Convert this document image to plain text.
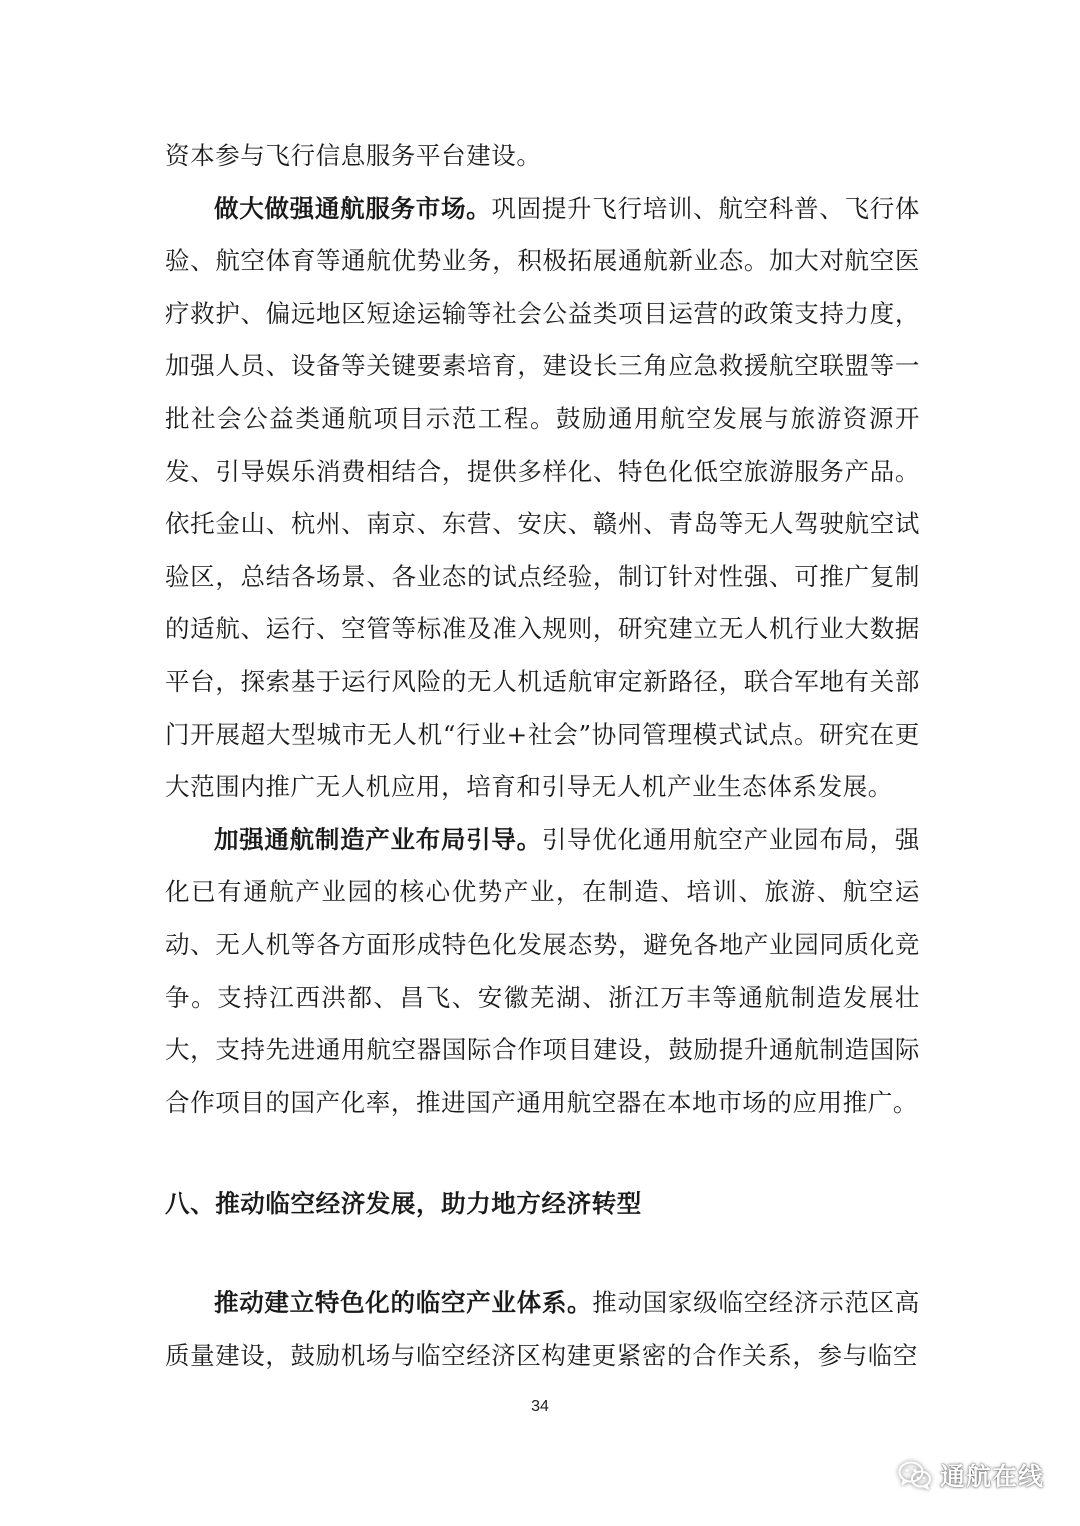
资本参与飞行信息服务平台建设。

做大做强通航服务市场。巩固提升飞行培训、航空科普、飞行体验、航空体育等通航优势业务，积极拓展通航新业态。加大对航空医疗救护、偏远地区短途运输等社会公益类项目运营的政策支持力度，加强人员、设备等关键要素培育，建设长三角应急救援航空联盟等一批社会公益类通航项目示范工程。鼓励通用航空发展与旅游资源开发、引导娱乐消费相结合，提供多样化、特色化低空旅游服务产品。依托金山、杭州、南京、东营、安庆、赣州、青岛等无人驾驶航空试验区，总结各场景、各业态的试点经验，制订针对性强、可推广复制的适航、运行、空管等标准及准入规则，研究建立无人机行业大数据平台，探索基于运行风险的无人机适航审定新路径，联合军地有关部门开展超大型城市无人机“行业+社会”协同管理模式试点。研究在更大范围内推广无人机应用，培育和引导无人机产业生态体系发展。

加强通航制造产业布局引导。引导优化通用航空产业园布局，强化已有通航产业园的核心优势产业，在制造、培训、旅游、航空运动、无人机等各方面形成特色化发展态势，避免各地产业园同质化竞争。支持江西洪都、昌飞、安徽芜湖、浙江万丰等通航制造发展壮大，支持先进通用航空器国际合作项目建设，鼓励提升通航制造国际合作项目的国产化率，推进国产通用航空器在本地市场的应用推广。

八、推动临空经济发展，助力地方经济转型

推动建立特色化的临空产业体系。推动国家级临空经济示范区高质量建设，鼓励机场与临空经济区构建更紧密的合作关系，参与临空

34
通航在线
